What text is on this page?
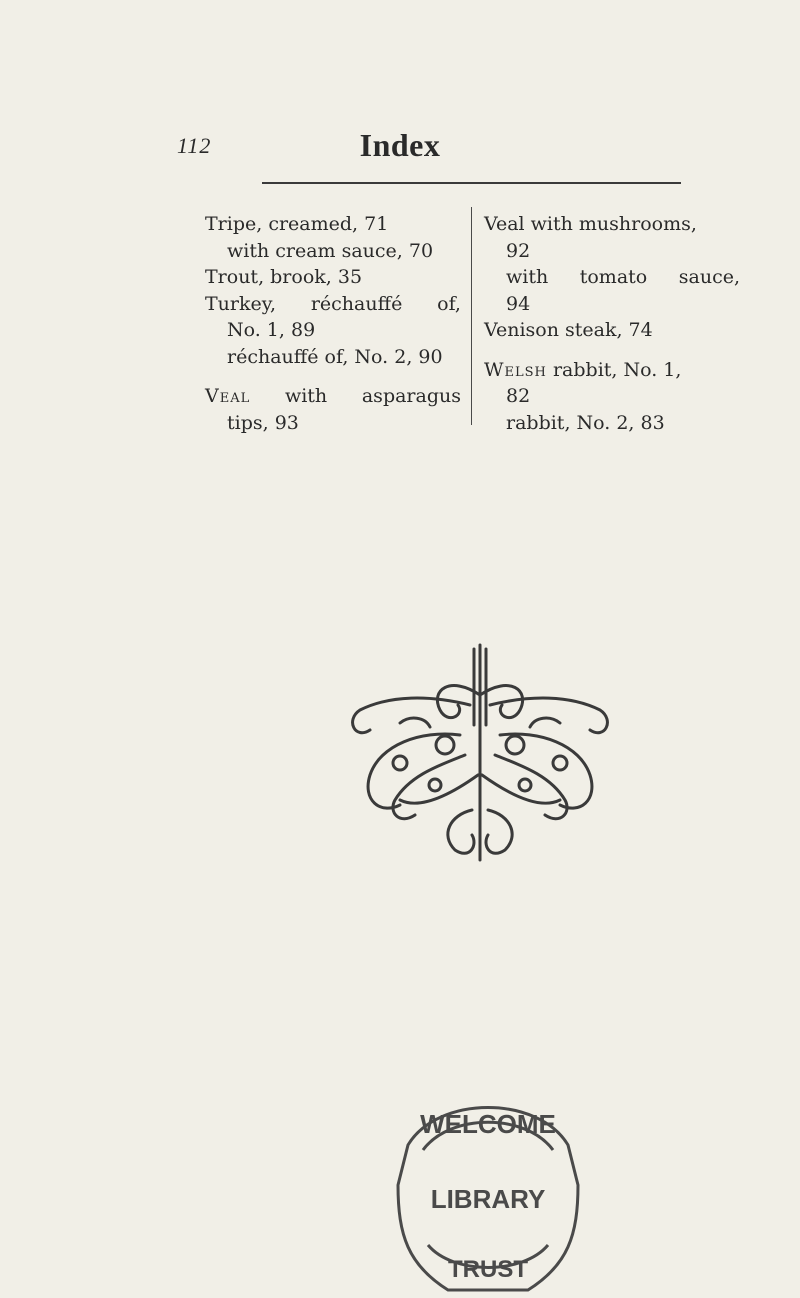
112	Index

Tripe, creamed, 71

with cream sauce, 70

Trout, brook, 35

Turkey, réchauffé of,

No. 1, 89

réchauffé of, No. 2, 90

Veal with asparagus

tips, 93

Veal with mushrooms,

92

with tomato sauce,

94

Venison steak, 74

Welsh rabbit, No. 1,

82

rabbit, No. 2, 83

WELCOME
LIBRARY
TRUST
